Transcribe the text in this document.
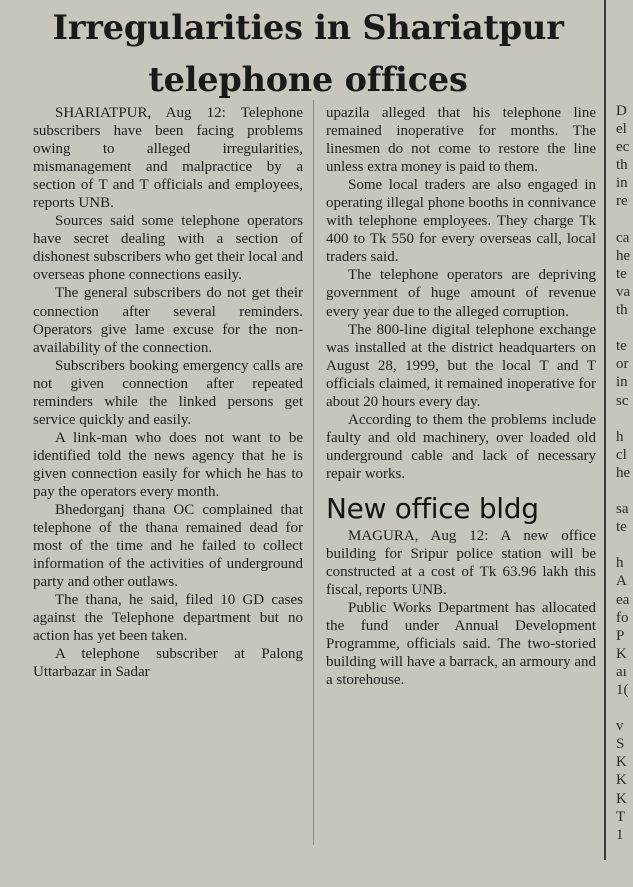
Irregularities in Shariatpur telephone offices

SHARIATPUR, Aug 12: Telephone subscribers have been facing problems owing to alleged irregularities, mismanagement and malpractice by a section of T and T officials and employees, reports UNB.

Sources said some telephone operators have secret dealing with a section of dishonest subscribers who get their local and overseas phone connections easily.

The general subscribers do not get their connection after several reminders. Operators give lame excuse for the non-availability of the connection.

Subscribers booking emergency calls are not given connection after repeated reminders while the linked persons get service quickly and easily.

A link-man who does not want to be identified told the news agency that he is given connection easily for which he has to pay the operators every month.

Bhedorganj thana OC complained that telephone of the thana remained dead for most of the time and he failed to collect information of the activities of underground party and other outlaws.

The thana, he said, filed 10 GD cases against the Telephone department but no action has yet been taken.

A telephone subscriber at Palong Uttarbazar in Sadar

upazila alleged that his telephone line remained inoperative for months. The linesmen do not come to restore the line unless extra money is paid to them.

Some local traders are also engaged in operating illegal phone booths in connivance with telephone employees. They charge Tk 400 to Tk 550 for every overseas call, local traders said.

The telephone operators are depriving government of huge amount of revenue every year due to the alleged corruption.

The 800-line digital telephone exchange was installed at the district headquarters on August 28, 1999, but the local T and T officials claimed, it remained inoperative for about 20 hours every day.

According to them the problems include faulty and old machinery, over loaded old underground cable and lack of necessary repair works.

New office bldg

MAGURA, Aug 12: A new office building for Sripur police station will be constructed at a cost of Tk 63.96 lakh this fiscal, reports UNB.

Public Works Department has allocated the fund under Annual Development Programme, officials said. The two-storied building will have a barrack, an armoury and a storehouse.

D
el
ec
th
in
re
ca
he
te
va
th
te
or
in
sc
h
cl
he
sa
te
h
A
ea
fo
P
K
aı
1(
v
S
K
K
K
T
1
